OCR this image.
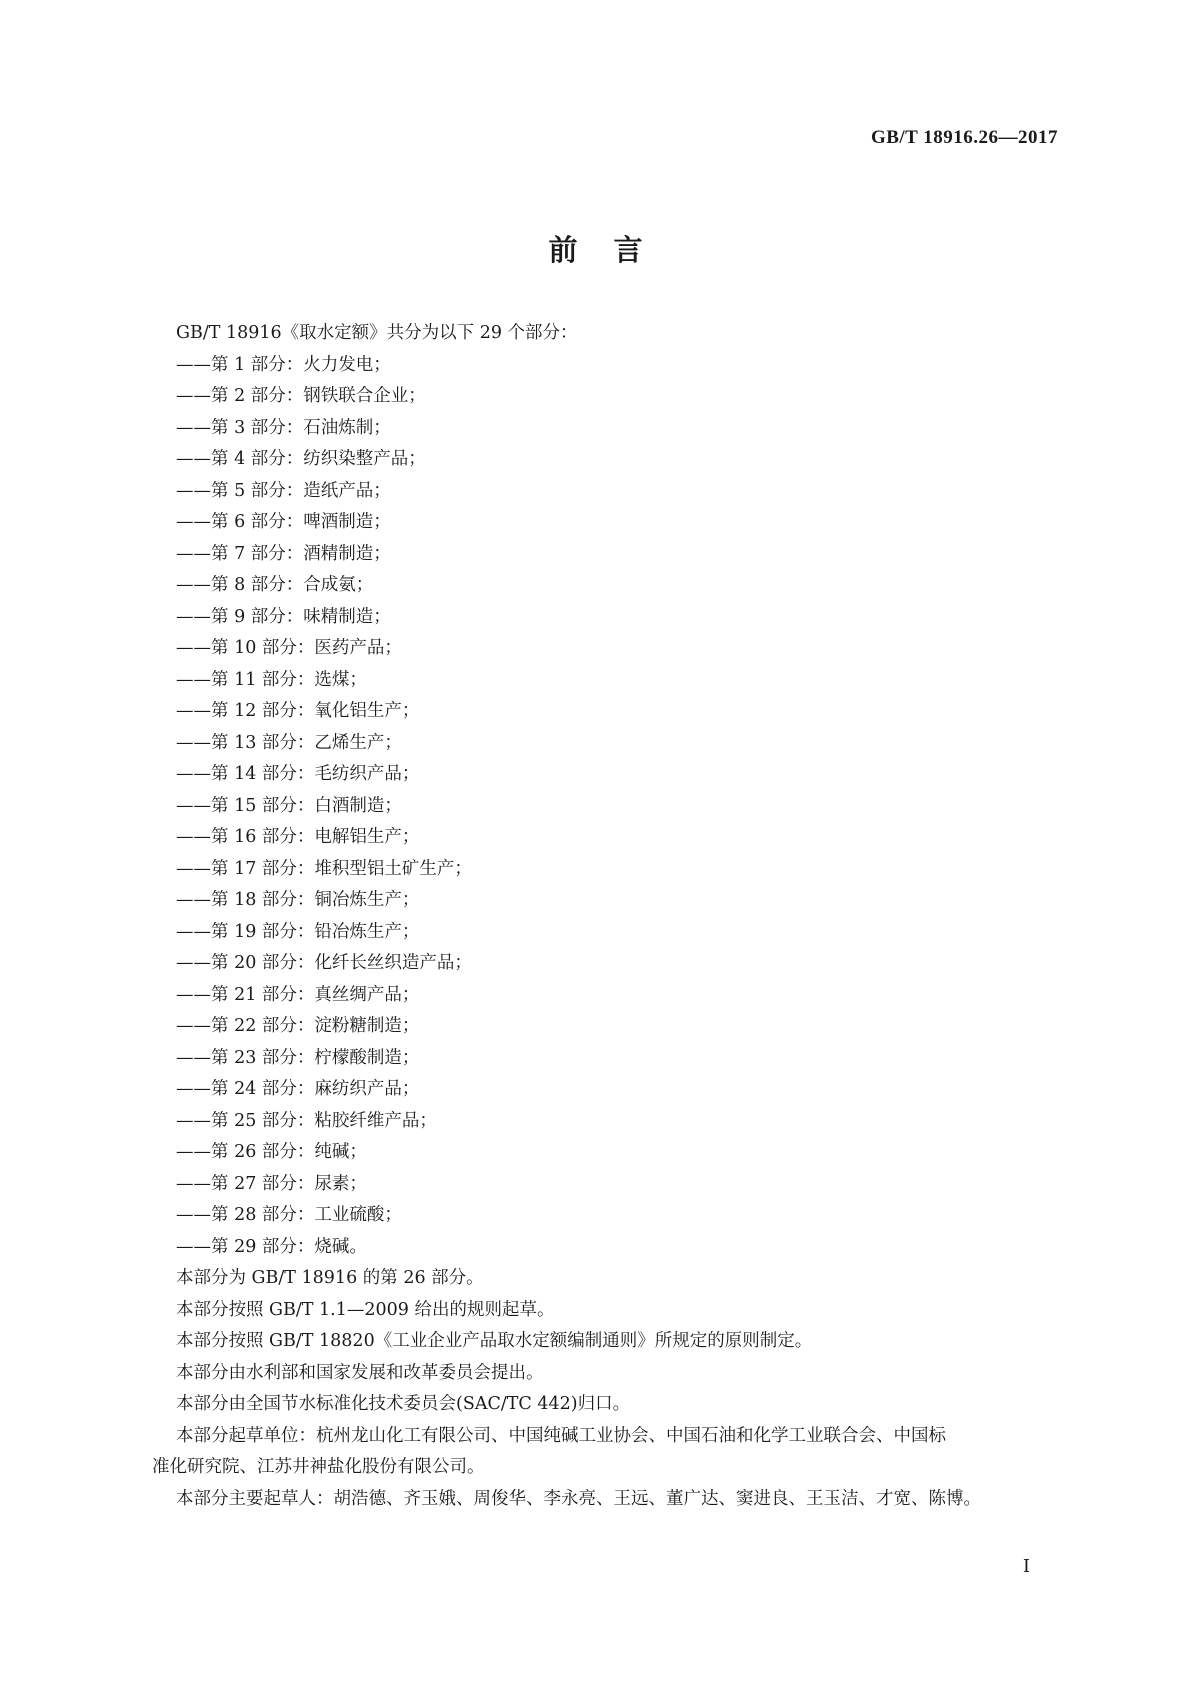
GB/T 18916.26—2017
前言
GB/T 18916《取水定额》共分为以下 29 个部分：
——第 1 部分：火力发电；
——第 2 部分：钢铁联合企业；
——第 3 部分：石油炼制；
——第 4 部分：纺织染整产品；
——第 5 部分：造纸产品；
——第 6 部分：啤酒制造；
——第 7 部分：酒精制造；
——第 8 部分：合成氨；
——第 9 部分：味精制造；
——第 10 部分：医药产品；
——第 11 部分：选煤；
——第 12 部分：氧化铝生产；
——第 13 部分：乙烯生产；
——第 14 部分：毛纺织产品；
——第 15 部分：白酒制造；
——第 16 部分：电解铝生产；
——第 17 部分：堆积型铝土矿生产；
——第 18 部分：铜冶炼生产；
——第 19 部分：铅冶炼生产；
——第 20 部分：化纤长丝织造产品；
——第 21 部分：真丝绸产品；
——第 22 部分：淀粉糖制造；
——第 23 部分：柠檬酸制造；
——第 24 部分：麻纺织产品；
——第 25 部分：粘胶纤维产品；
——第 26 部分：纯碱；
——第 27 部分：尿素；
——第 28 部分：工业硫酸；
——第 29 部分：烧碱。
本部分为 GB/T 18916 的第 26 部分。
本部分按照 GB/T 1.1—2009 给出的规则起草。
本部分按照 GB/T 18820《工业企业产品取水定额编制通则》所规定的原则制定。
本部分由水利部和国家发展和改革委员会提出。
本部分由全国节水标准化技术委员会(SAC/TC 442)归口。
本部分起草单位：杭州龙山化工有限公司、中国纯碱工业协会、中国石油和化学工业联合会、中国标
准化研究院、江苏井神盐化股份有限公司。
本部分主要起草人：胡浩德、齐玉娥、周俊华、李永亮、王远、董广达、窦进良、王玉洁、才宽、陈博。
I
